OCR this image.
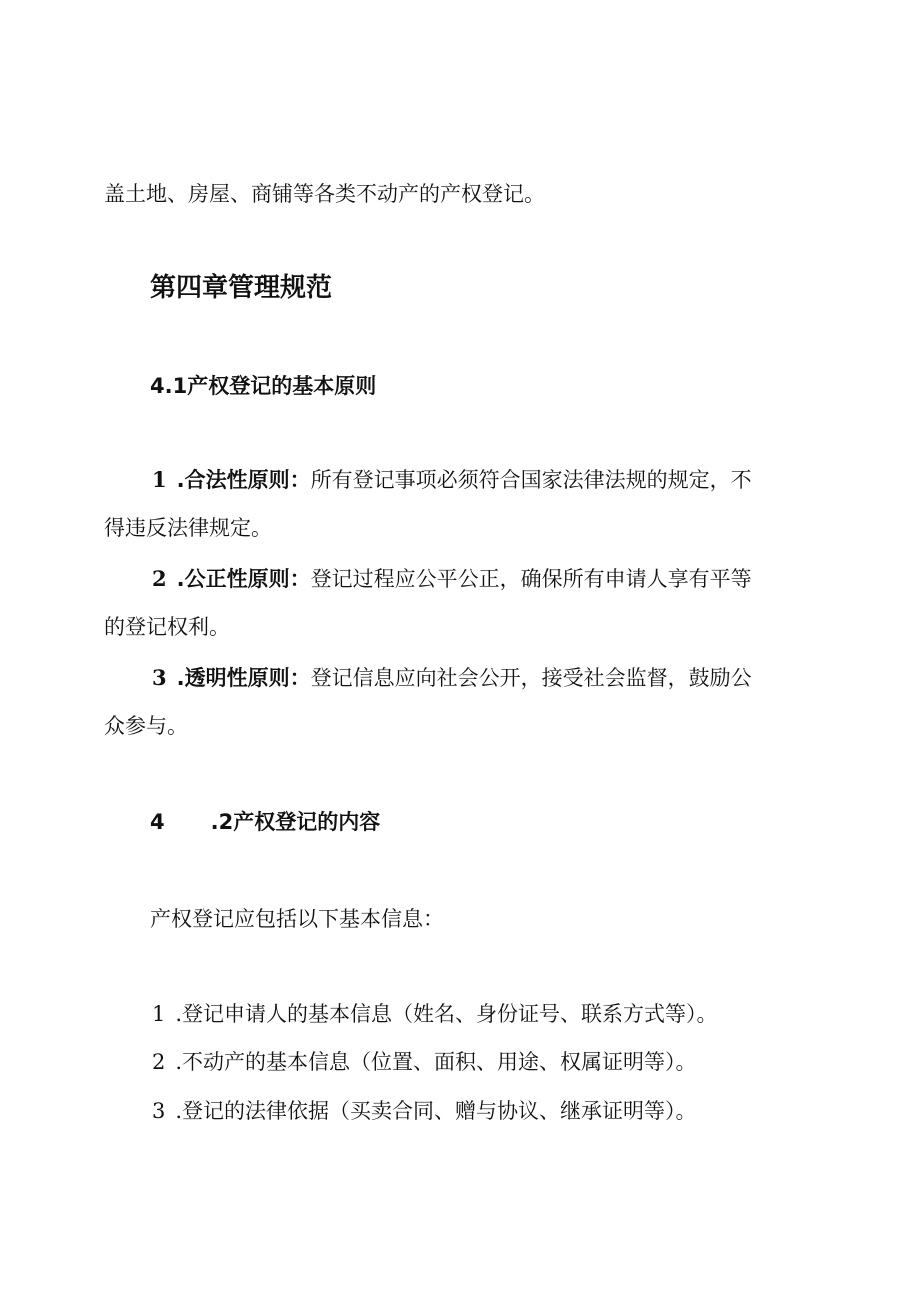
盖土地、房屋、商铺等各类不动产的产权登记。
第四章管理规范
4.1产权登记的基本原则
1 .合法性原则：所有登记事项必须符合国家法律法规的规定，不
得违反法律规定。
2 .公正性原则：登记过程应公平公正，确保所有申请人享有平等
的登记权利。
3 .透明性原则：登记信息应向社会公开，接受社会监督，鼓励公
众参与。
4 .2产权登记的内容
产权登记应包括以下基本信息：
1 .登记申请人的基本信息（姓名、身份证号、联系方式等）。
2 .不动产的基本信息（位置、面积、用途、权属证明等）。
3 .登记的法律依据（买卖合同、赠与协议、继承证明等）。
